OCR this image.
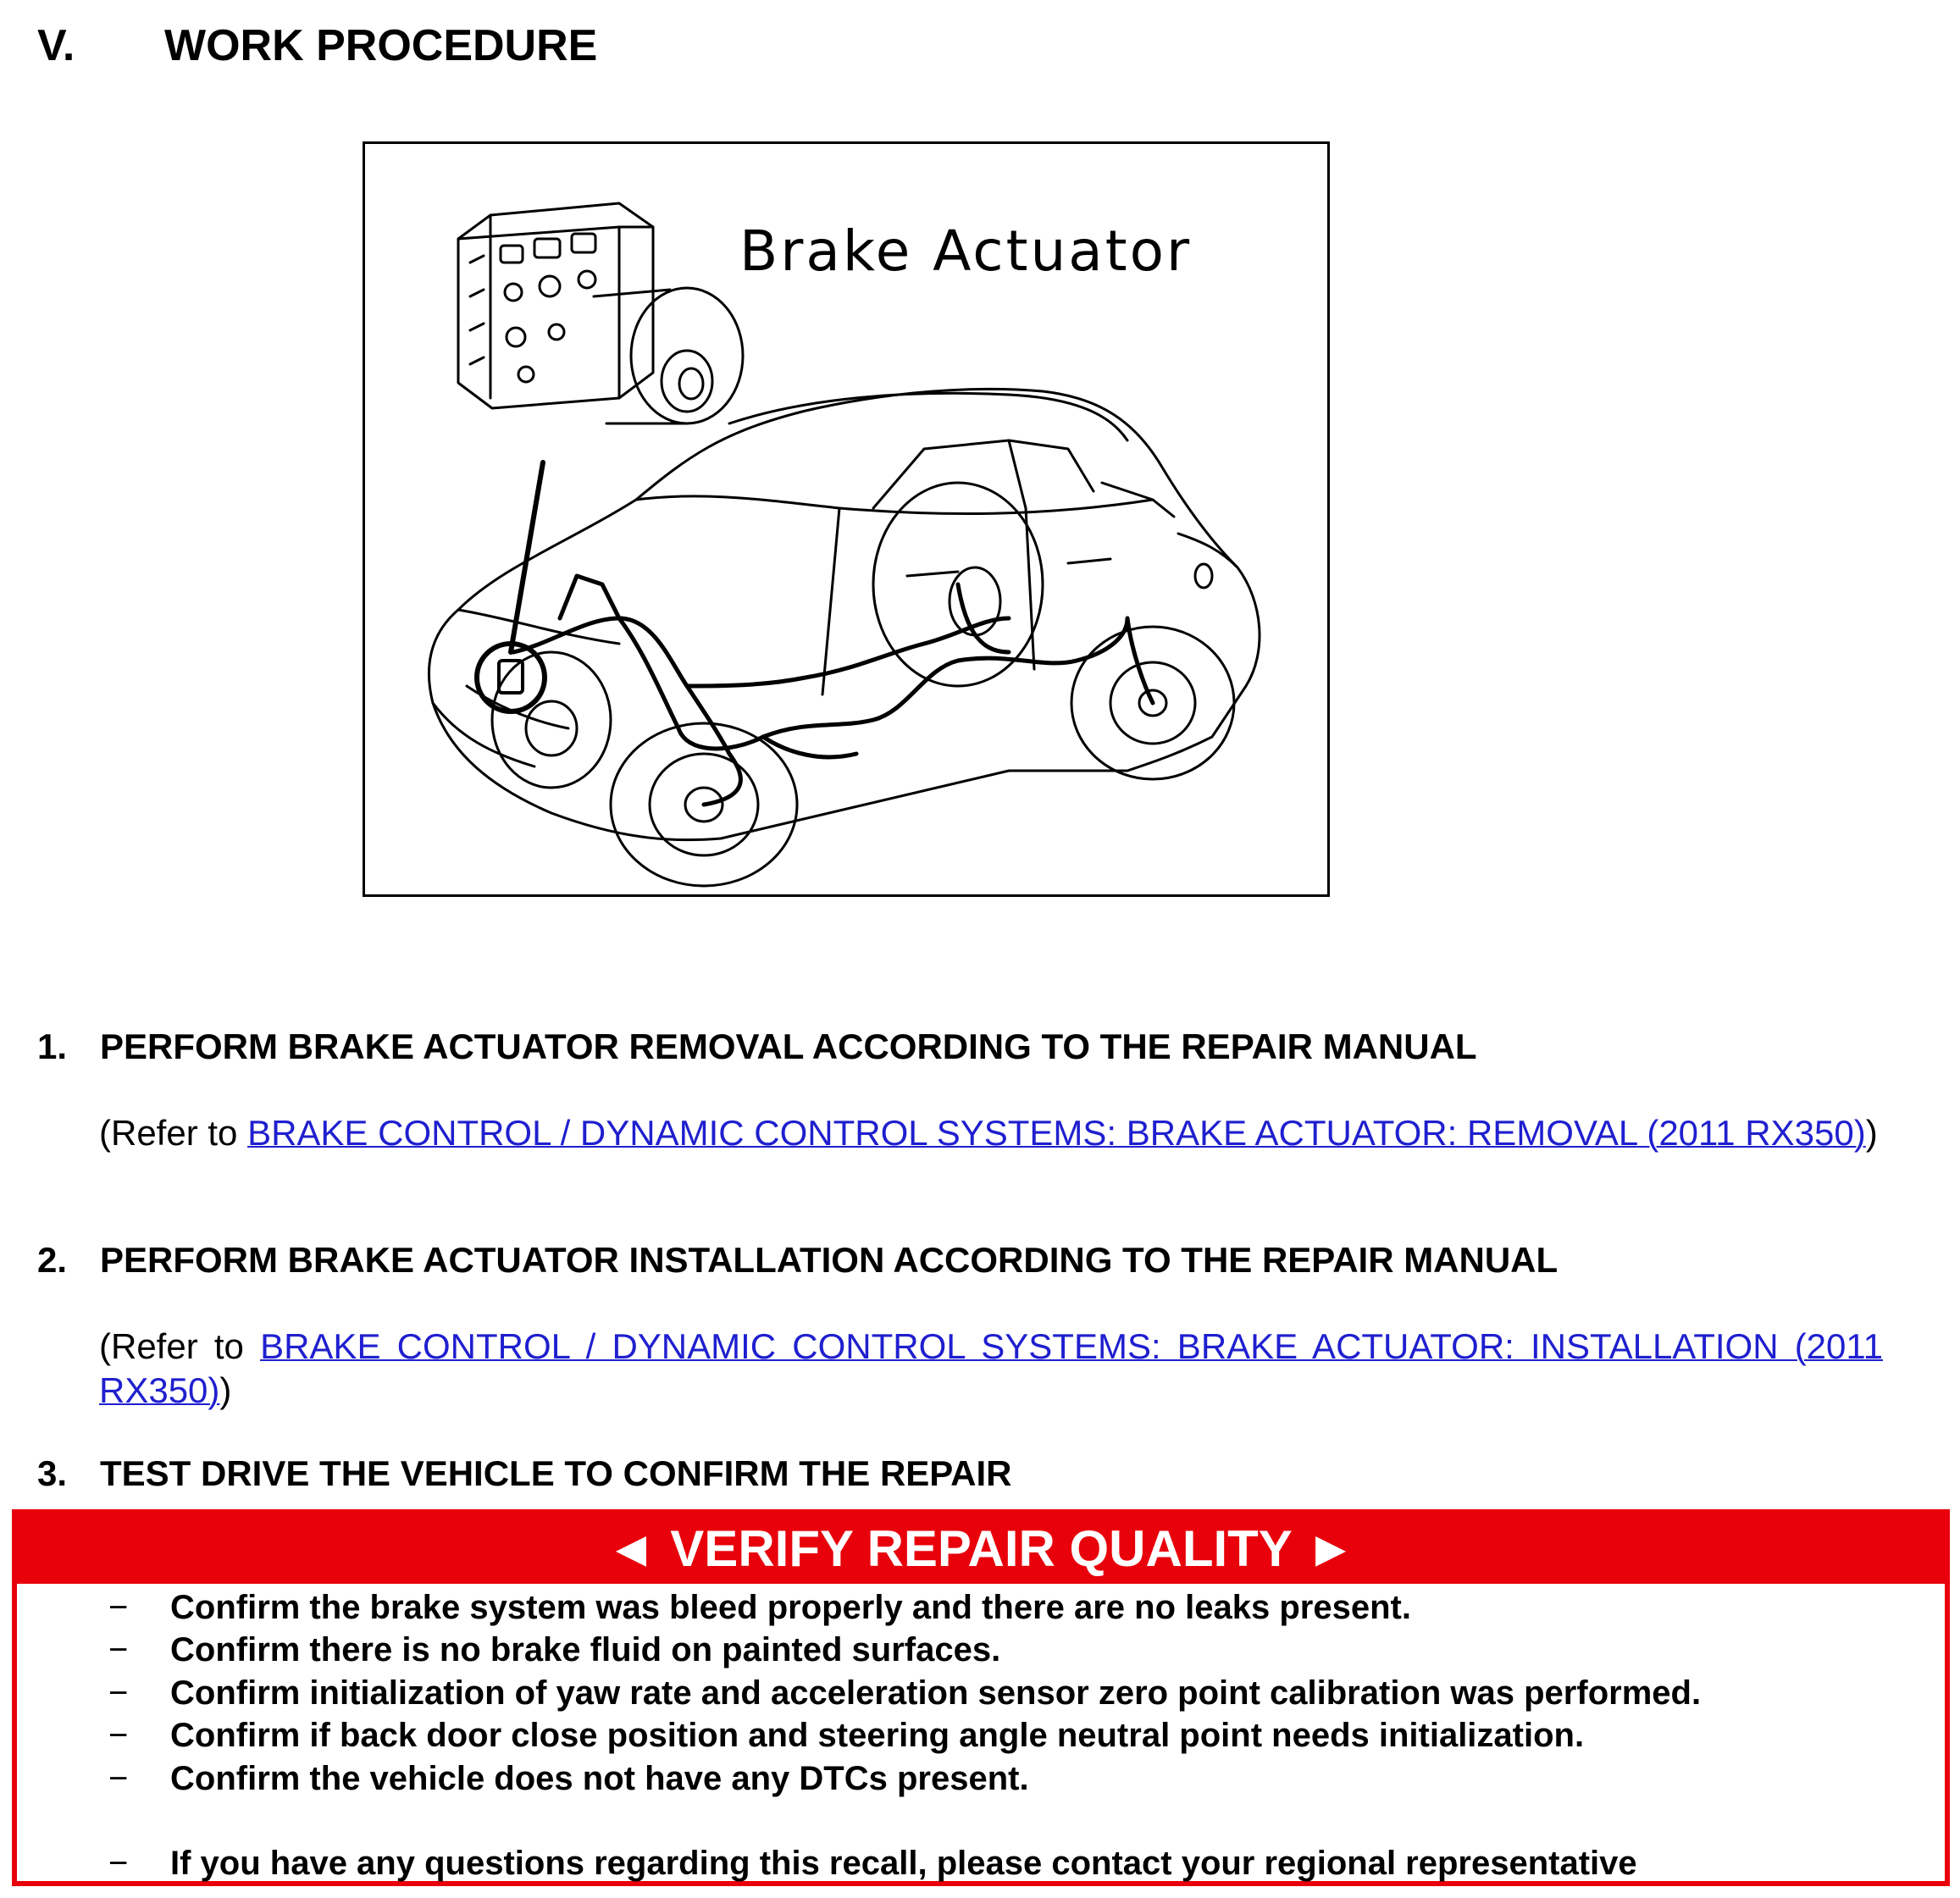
V. WORK PROCEDURE
Brake Actuator
1. PERFORM BRAKE ACTUATOR REMOVAL ACCORDING TO THE REPAIR MANUAL
(Refer to BRAKE CONTROL / DYNAMIC CONTROL SYSTEMS: BRAKE ACTUATOR: REMOVAL (2011 RX350))
2. PERFORM BRAKE ACTUATOR INSTALLATION ACCORDING TO THE REPAIR MANUAL
(Refer to BRAKE CONTROL / DYNAMIC CONTROL SYSTEMS: BRAKE ACTUATOR: INSTALLATION (2011 RX350))
3. TEST DRIVE THE VEHICLE TO CONFIRM THE REPAIR
◄ VERIFY REPAIR QUALITY ►
− Confirm the brake system was bleed properly and there are no leaks present.
− Confirm there is no brake fluid on painted surfaces.
− Confirm initialization of yaw rate and acceleration sensor zero point calibration was performed.
− Confirm if back door close position and steering angle neutral point needs initialization.
− Confirm the vehicle does not have any DTCs present.
− If you have any questions regarding this recall, please contact your regional representative
